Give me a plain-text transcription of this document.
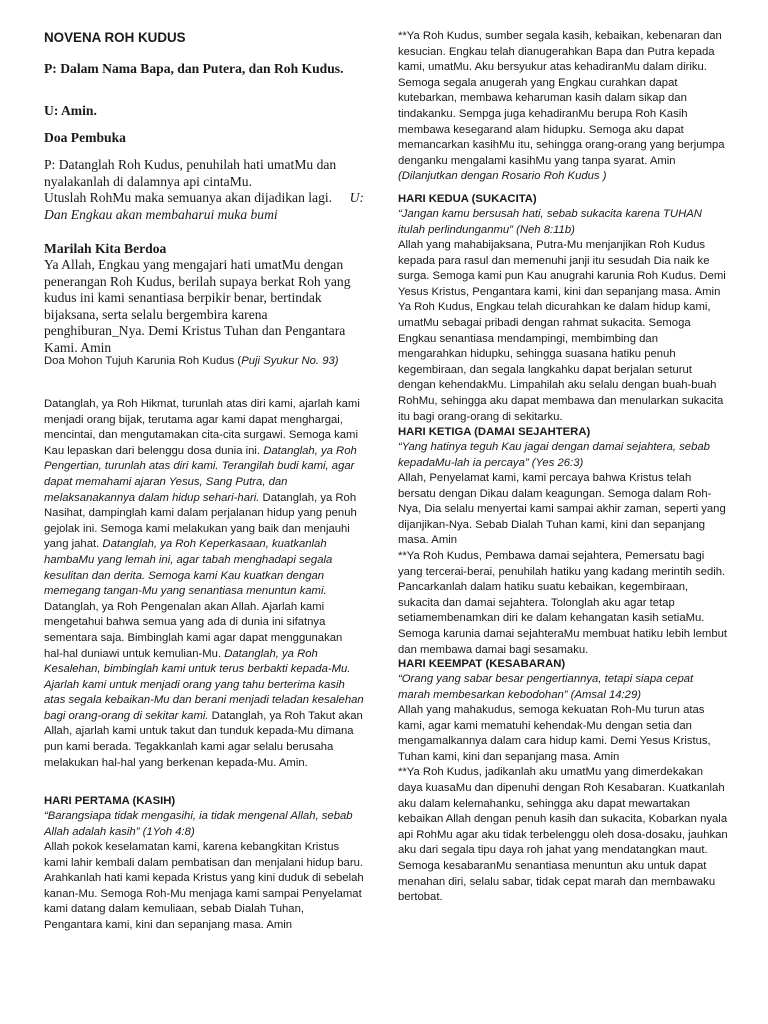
NOVENA ROH KUDUS

P: Dalam Nama Bapa, dan Putera, dan Roh Kudus.

U: Amin.

Doa Pembuka

P: Datanglah Roh Kudus, penuhilah hati umatMu dan nyalakanlah di dalamnya api cintaMu.

Utuslah RohMu maka semuanya akan dijadikan lagi. U:

Dan Engkau akan membaharui muka bumi

Marilah Kita Berdoa

Ya Allah, Engkau yang mengajari hati umatMu dengan penerangan Roh Kudus, berilah supaya berkat Roh yang kudus ini kami senantiasa berpikir benar, bertindak bijaksana, serta selalu bergembira karena penghiburan_Nya. Demi Kristus Tuhan dan Pengantara Kami. Amin

Doa Mohon Tujuh Karunia Roh Kudus (Puji Syukur No. 93)

Datanglah, ya Roh Hikmat, turunlah atas diri kami, ajarlah kami menjadi orang bijak, terutama agar kami dapat menghargai, mencintai, dan mengutamakan cita-cita surgawi. Semoga kami Kau lepaskan dari belenggu dosa dunia ini. Datanglah, ya Roh Pengertian, turunlah atas diri kami. Terangilah budi kami, agar dapat memahami ajaran Yesus, Sang Putra, dan melaksanakannya dalam hidup sehari-hari. Datanglah, ya Roh Nasihat, dampinglah kami dalam perjalanan hidup yang penuh gejolak ini. Semoga kami melakukan yang baik dan menjauhi yang jahat. Datanglah, ya Roh Keperkasaan, kuatkanlah hambaMu yang lemah ini, agar tabah menghadapi segala kesulitan dan derita. Semoga kami Kau kuatkan dengan memegang tangan-Mu yang senantiasa menuntun kami. Datanglah, ya Roh Pengenalan akan Allah. Ajarlah kami mengetahui bahwa semua yang ada di dunia ini sifatnya sementara saja. Bimbinglah kami agar dapat menggunakan hal-hal duniawi untuk kemulian-Mu. Datanglah, ya Roh Kesalehan, bimbinglah kami untuk terus berbakti kepada-Mu. Ajarlah kami untuk menjadi orang yang tahu berterima kasih atas segala kebaikan-Mu dan berani menjadi teladan kesalehan bagi orang-orang di sekitar kami. Datanglah, ya Roh Takut akan Allah, ajarlah kami untuk takut dan tunduk kepada-Mu dimana pun kami berada. Tegakkanlah kami agar selalu berusaha melakukan hal-hal yang berkenan kepada-Mu. Amin.

HARI PERTAMA (KASIH)

“Barangsiapa tidak mengasihi, ia tidak mengenal Allah, sebab Allah adalah kasih” (1Yoh 4:8)

Allah pokok keselamatan kami, karena kebangkitan Kristus kami lahir kembali dalam pembatisan dan menjalani hidup baru. Arahkanlah hati kami kepada Kristus yang kini duduk di sebelah kanan-Mu. Semoga Roh-Mu menjaga kami sampai Penyelamat kami datang dalam kemuliaan, sebab Dialah Tuhan, Pengantara kami, kini dan sepanjang masa. Amin

**Ya Roh Kudus, sumber segala kasih, kebaikan, kebenaran dan kesucian. Engkau telah dianugerahkan Bapa dan Putra kepada kami, umatMu. Aku bersyukur atas kehadiranMu dalam diriku. Semoga segala anugerah yang Engkau curahkan dapat kutebarkan, membawa keharuman kasih dalam sikap dan tindakanku. Sempga juga kehadiranMu berupa Roh Kasih membawa kesegarand alam hidupku. Semoga aku dapat memancarkan kasihMu itu, sehingga orang-orang yang berjumpa denganku mengalami kasihMu yang tanpa syarat. Amin (Dilanjutkan dengan Rosario Roh Kudus )

HARI KEDUA (SUKACITA)

“Jangan kamu bersusah hati, sebab sukacita karena TUHAN itulah perlindunganmu” (Neh 8:11b)

Allah yang mahabijaksana, Putra-Mu menjanjikan Roh Kudus kepada para rasul dan memenuhi janji itu sesudah Dia naik ke surga. Semoga kami pun Kau anugrahi karunia Roh Kudus. Demi Yesus Kristus, Pengantara kami, kini dan sepanjang masa. Amin
Ya Roh Kudus, Engkau telah dicurahkan ke dalam hidup kami, umatMu sebagai pribadi dengan rahmat sukacita. Semoga Engkau senantiasa mendampingi, membimbing dan mengarahkan hidupku, sehingga suasana hatiku penuh kegembiraan, dan segala langkahku dapat berjalan seturut dengan kehendakMu. Limpahilah aku selalu dengan buah-buah RohMu, sehingga aku dapat membawa dan menularkan sukacita itu bagi orang-orang di sekitarku.

HARI KETIGA (DAMAI SEJAHTERA)

“Yang hatinya teguh Kau jagai dengan damai sejahtera, sebab kepadaMu-lah ia percaya” (Yes 26:3)

Allah, Penyelamat kami, kami percaya bahwa Kristus telah bersatu dengan Dikau dalam keagungan. Semoga dalam Roh-Nya, Dia selalu menyertai kami sampai akhir zaman, seperti yang dijanjikan-Nya. Sebab Dialah Tuhan kami, kini dan sepanjang masa. Amin
**Ya Roh Kudus, Pembawa damai sejahtera, Pemersatu bagi yang tercerai-berai, penuhilah hatiku yang kadang merintih sedih. Pancarkanlah dalam hatiku suatu kebaikan, kegembiraan, sukacita dan damai sejahtera. Tolonglah aku agar tetap setiamembenamkan diri ke dalam kehangatan kasih setiaMu. Semoga karunia damai sejahteraMu membuat hatiku lebih lembut dan membawa damai bagi sesamaku.

HARI KEEMPAT (KESABARAN)

“Orang yang sabar besar pengertiannya, tetapi siapa cepat marah membesarkan kebodohan” (Amsal 14:29)

Allah yang mahakudus, semoga kekuatan Roh-Mu turun atas kami, agar kami mematuhi kehendak-Mu dengan setia dan mengamalkannya dalam cara hidup kami. Demi Yesus Kristus, Tuhan kami, kini dan sepanjang masa. Amin
**Ya Roh Kudus, jadikanlah aku umatMu yang dimerdekakan daya kuasaMu dan dipenuhi dengan Roh Kesabaran. Kuatkanlah aku dalam kelemahanku, sehingga aku dapat mewartakan kebaikan Allah dengan penuh kasih dan sukacita, Kobarkan nyala api RohMu agar aku tidak terbelenggu oleh dosa-dosaku, jauhkan aku dari segala tipu daya roh jahat yang mendatangkan maut. Semoga kesabaranMu senantiasa menuntun aku untuk dapat menahan diri, selalu sabar, tidak cepat marah dan membawaku bertobat.
